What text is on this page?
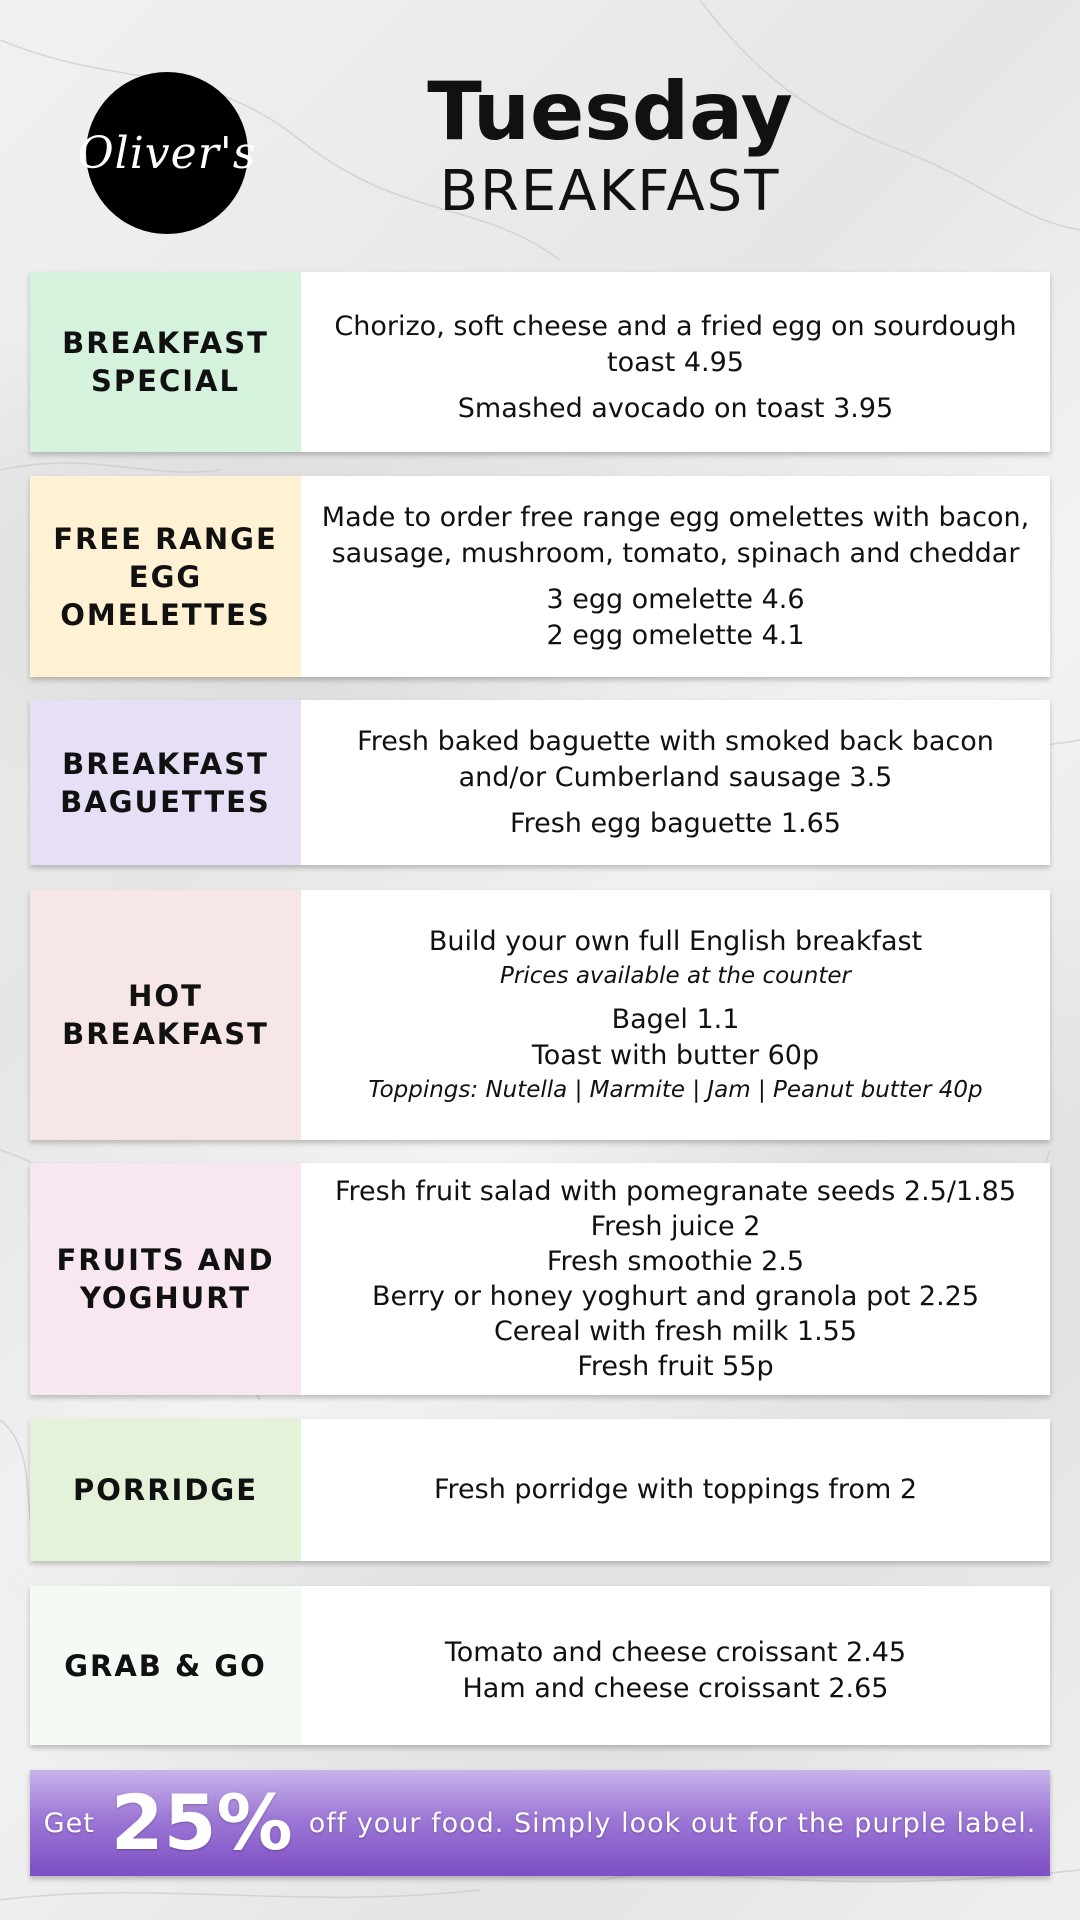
Oliver's	Tuesday
BREAKFAST
BREAKFAST SPECIAL
Chorizo, soft cheese and a fried egg on sourdough toast 4.95
Smashed avocado on toast 3.95
FREE RANGE EGG OMELETTES
Made to order free range egg omelettes with bacon, sausage, mushroom, tomato, spinach and cheddar
3 egg omelette 4.6
2 egg omelette 4.1
BREAKFAST BAGUETTES
Fresh baked baguette with smoked back bacon and/or Cumberland sausage 3.5
Fresh egg baguette 1.65
HOT BREAKFAST
Build your own full English breakfast
Prices available at the counter
Bagel 1.1
Toast with butter 60p
Toppings: Nutella | Marmite | Jam | Peanut butter 40p
FRUITS AND YOGHURT
Fresh fruit salad with pomegranate seeds 2.5/1.85
Fresh juice 2
Fresh smoothie 2.5
Berry or honey yoghurt and granola pot 2.25
Cereal with fresh milk 1.55
Fresh fruit 55p
PORRIDGE	Fresh porridge with toppings from 2
GRAB & GO	Tomato and cheese croissant 2.45
Ham and cheese croissant 2.65
Get 25% off your food. Simply look out for the purple label.
